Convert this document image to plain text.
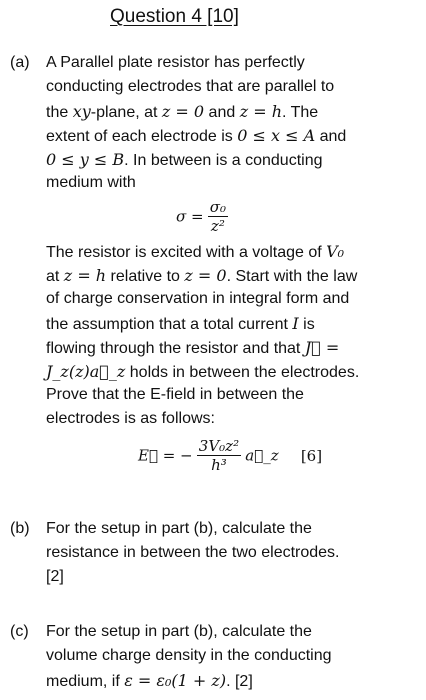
Question 4 [10]
(a) A Parallel plate resistor has perfectly
conducting electrodes that are parallel to
the xy-plane, at z = 0 and z = h. The
extent of each electrode is 0 ≤ x ≤ A and
0 ≤ y ≤ B. In between is a conducting
medium with
$\sigma = \frac{\text{σ₀}}{\text{z²}}$
The resistor is excited with a voltage of V₀
at z = h relative to z = 0. Start with the law
of charge conservation in integral form and
the assumption that a total current I is
flowing through the resistor and that J⃗ =
J_z(z)a⃗_z holds in between the electrodes.
Prove that the E-field in between the
electrodes is as follows:
E⃗ = − $\frac{\text{3V₀z²}}{\text{h³}}$ a⃗_z [6]
(b) For the setup in part (b), calculate the
resistance in between the two electrodes.
[2]
(c) For the setup in part (b), calculate the
volume charge density in the conducting
medium, if ε = ε₀(1 + z). [2]
